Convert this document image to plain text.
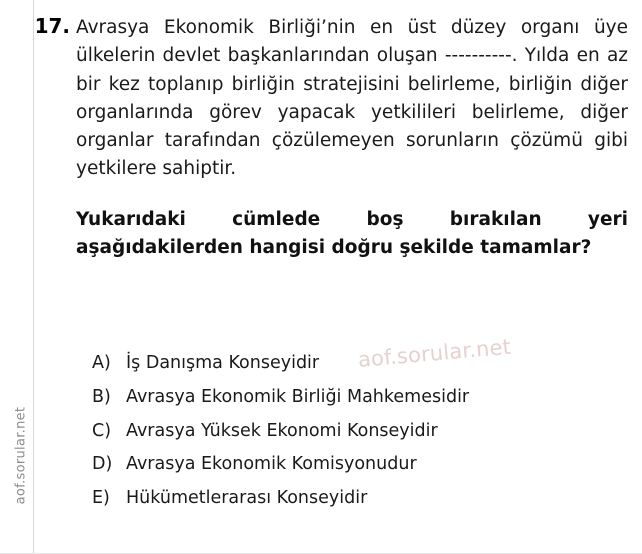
aof.sorular.net
17. Avrasya Ekonomik Birliği’nin en üst düzey organı üye ülkelerin devlet başkanlarından oluşan ----------. Yılda en az bir kez toplanıp birliğin stratejisini belirleme, birliğin diğer organlarında görev yapacak yetkilileri belirleme, diğer organlar tarafından çözülemeyen sorunların çözümü gibi yetkilere sahiptir.
Yukarıdaki cümlede boş bırakılan yeri aşağıdakilerden hangisi doğru şekilde tamamlar?
A) İş Danışma Konseyidir
B) Avrasya Ekonomik Birliği Mahkemesidir
C) Avrasya Yüksek Ekonomi Konseyidir
D) Avrasya Ekonomik Komisyonudur
E) Hükümetlerarası Konseyidir
aof.sorular.net
